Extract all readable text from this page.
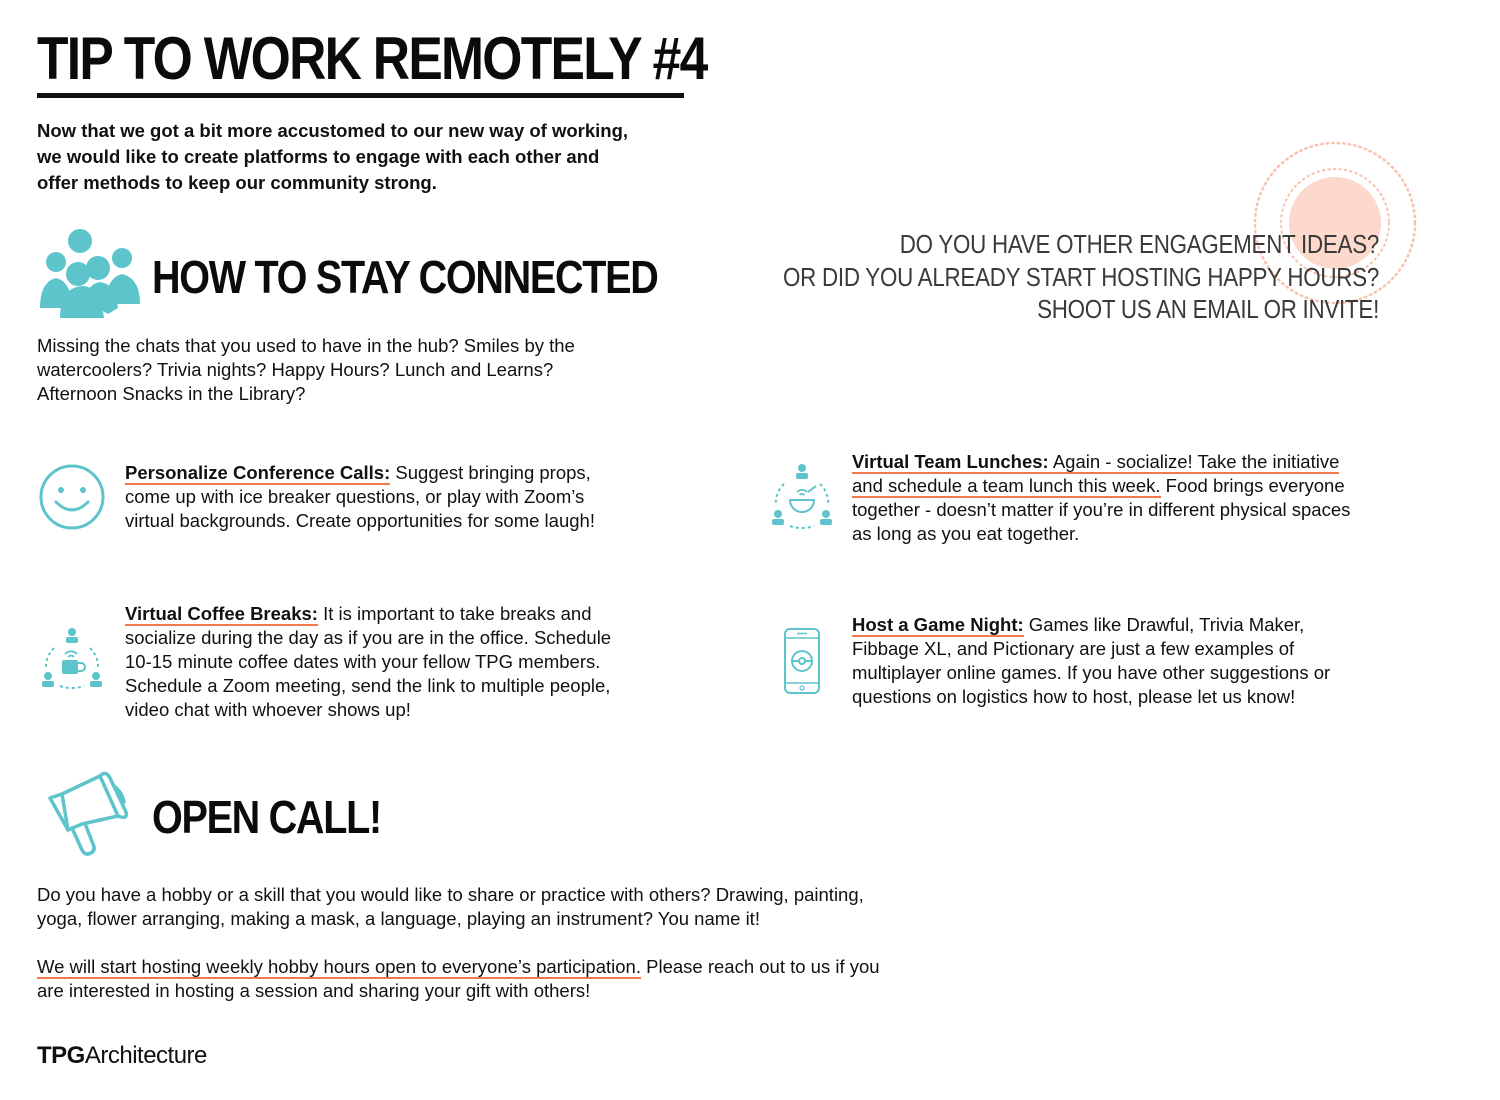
TIP TO WORK REMOTELY #4
Now that we got a bit more accustomed to our new way of working,
we would like to create platforms to engage with each other and
offer methods to keep our community strong.
DO YOU HAVE OTHER ENGAGEMENT IDEAS?
OR DID YOU ALREADY START HOSTING HAPPY HOURS?
SHOOT US AN EMAIL OR INVITE!
HOW TO STAY CONNECTED
Missing the chats that you used to have in the hub? Smiles by the
watercoolers? Trivia nights? Happy Hours? Lunch and Learns?
Afternoon Snacks in the Library?
Personalize Conference Calls: Suggest bringing props,
come up with ice breaker questions, or play with Zoom’s
virtual backgrounds. Create opportunities for some laugh!
Virtual Coffee Breaks: It is important to take breaks and
socialize during the day as if you are in the office. Schedule
10-15 minute coffee dates with your fellow TPG members.
Schedule a Zoom meeting, send the link to multiple people,
video chat with whoever shows up!
Virtual Team Lunches: Again - socialize! Take the initiative
and schedule a team lunch this week. Food brings everyone
together - doesn’t matter if you’re in different physical spaces
as long as you eat together.
Host a Game Night: Games like Drawful, Trivia Maker,
Fibbage XL, and Pictionary are just a few examples of
multiplayer online games. If you have other suggestions or
questions on logistics how to host, please let us know!
OPEN CALL!
Do you have a hobby or a skill that you would like to share or practice with others? Drawing, painting,
yoga, flower arranging, making a mask, a language, playing an instrument? You name it!
We will start hosting weekly hobby hours open to everyone’s participation. Please reach out to us if you
are interested in hosting a session and sharing your gift with others!
TPGArchitecture
